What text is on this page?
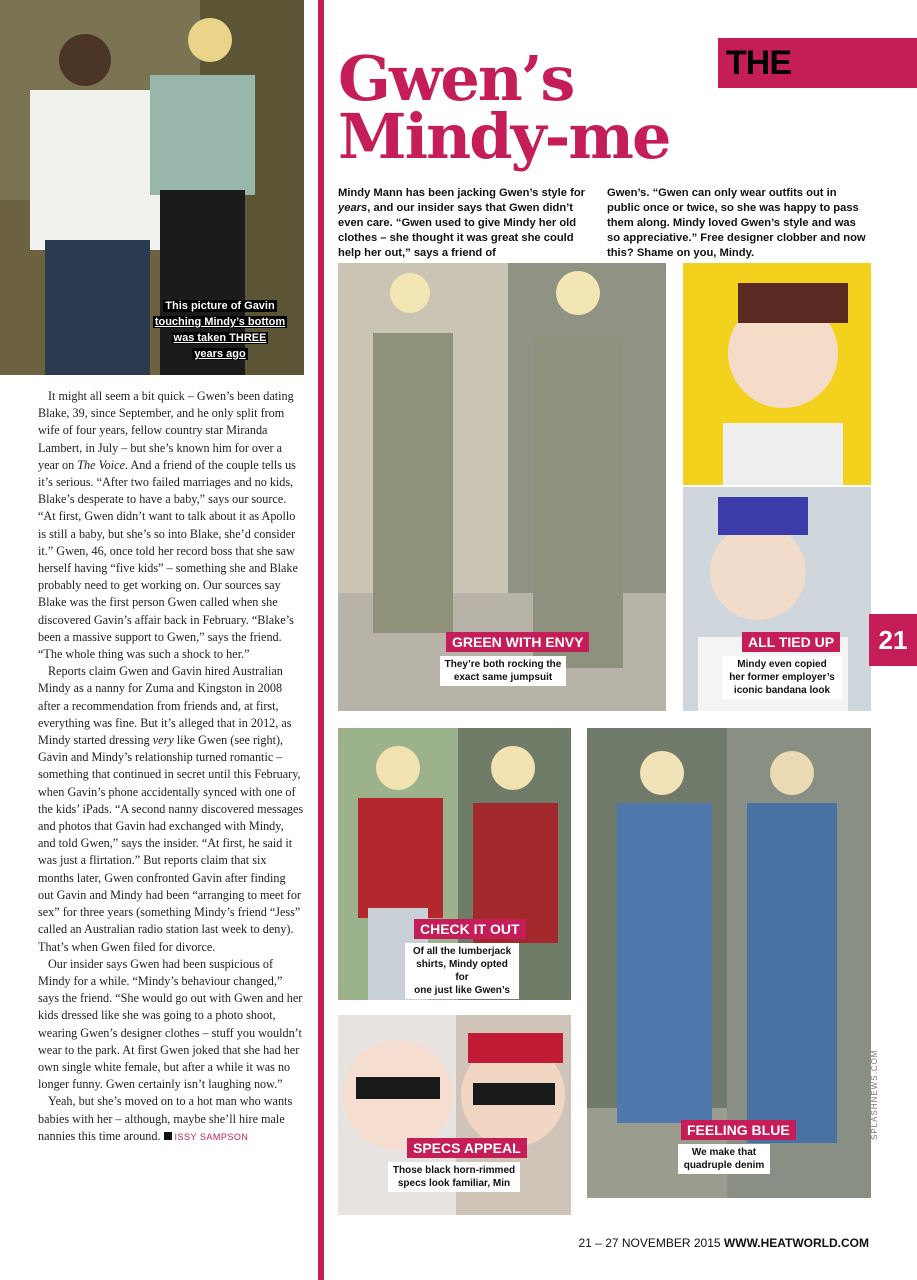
THE FAMOUS
This picture of Gavin
touching Mindy’s bottom
was taken THREE
years ago

It might all seem a bit quick – Gwen’s been dating Blake, 39, since September, and he only split from wife of four years, fellow country star Miranda Lambert, in July – but she’s known him for over a year on The Voice. And a friend of the couple tells us it’s serious. “After two failed marriages and no kids, Blake’s desperate to have a baby,” says our source. “At first, Gwen didn’t want to talk about it as Apollo is still a baby, but she’s so into Blake, she’d consider it.” Gwen, 46, once told her record boss that she saw herself having “five kids” – something she and Blake probably need to get working on. Our sources say Blake was the first person Gwen called when she discovered Gavin’s affair back in February. “Blake’s been a massive support to Gwen,” says the friend. “The whole thing was such a shock to her.”

Reports claim Gwen and Gavin hired Australian Mindy as a nanny for Zuma and Kingston in 2008 after a recommendation from friends and, at first, everything was fine. But it’s alleged that in 2012, as Mindy started dressing very like Gwen (see right), Gavin and Mindy’s relationship turned romantic – something that continued in secret until this February, when Gavin’s phone accidentally synced with one of the kids’ iPads. “A second nanny discovered messages and photos that Gavin had exchanged with Mindy, and told Gwen,” says the insider. “At first, he said it was just a flirtation.” But reports claim that six months later, Gwen confronted Gavin after finding out Gavin and Mindy had been “arranging to meet for sex” for three years (something Mindy’s friend “Jess” called an Australian radio station last week to deny). That’s when Gwen filed for divorce.

Our insider says Gwen had been suspicious of Mindy for a while. “Mindy’s behaviour changed,” says the friend. “She would go out with Gwen and her kids dressed like she was going to a photo shoot, wearing Gwen’s designer clothes – stuff you wouldn’t wear to the park. At first Gwen joked that she had her own single white female, but after a while it was no longer funny. Gwen certainly isn’t laughing now.”

Yeah, but she’s moved on to a hot man who wants babies with her – although, maybe she’ll hire male nannies this time around. ISSY SAMPSON

Gwen’s
Mindy-me
Mindy Mann has been jacking Gwen’s style for years, and our insider says that Gwen didn’t even care. “Gwen used to give Mindy her old clothes – she thought it was great she could help her out,” says a friend of
Gwen’s. “Gwen can only wear outfits out in public once or twice, so she was happy to pass them along. Mindy loved Gwen’s style and was so appreciative.” Free designer clobber and now this? Shame on you, Mindy.
GREEN WITH ENVY
They’re both rocking the
exact same jumpsuit
ALL TIED UP
Mindy even copied
her former employer’s
iconic bandana look
21
CHECK IT OUT
Of all the lumberjack
shirts, Mindy opted for
one just like Gwen’s
SPECS APPEAL
Those black horn-rimmed
specs look familiar, Min
FEELING BLUE
We make that
quadruple denim
SPLASHNEWS.COM
21 – 27 NOVEMBER 2015 WWW.HEATWORLD.COM
